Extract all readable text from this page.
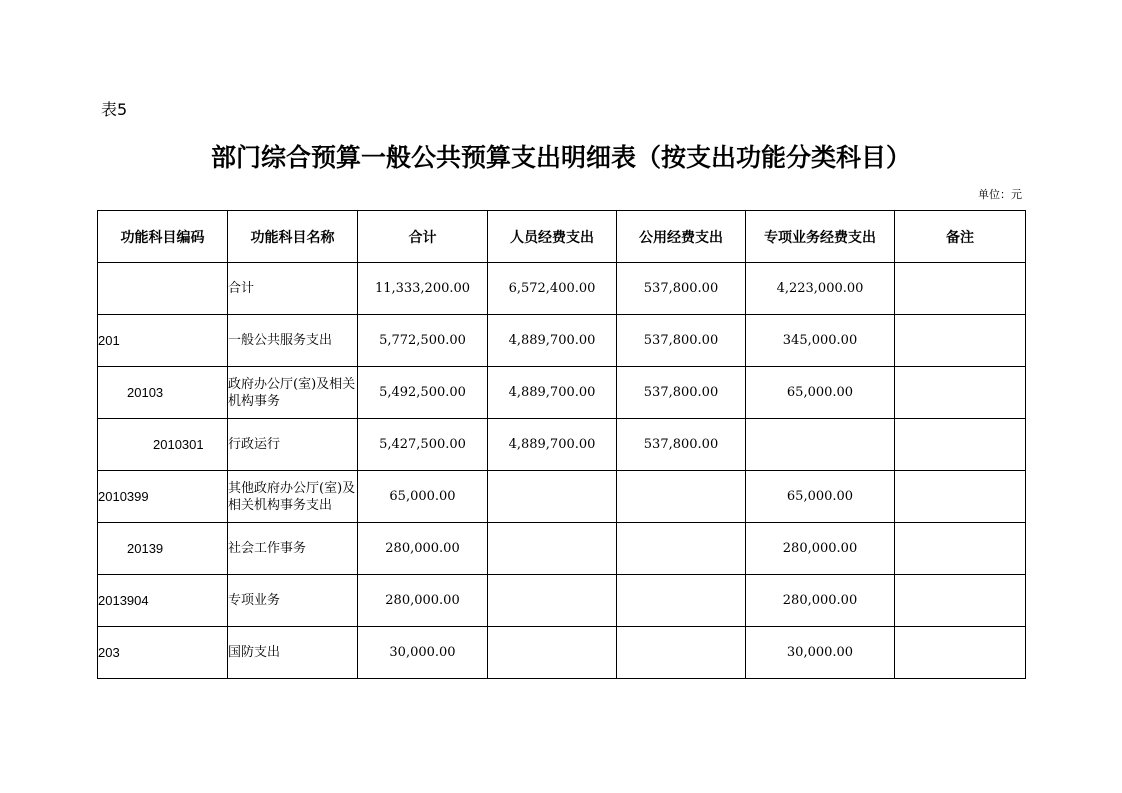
表5
部门综合预算一般公共预算支出明细表（按支出功能分类科目）
单位：元
功能科目编码	功能科目名称	合计	人员经费支出	公用经费支出	专项业务经费支出	备注
	合计	11,333,200.00	6,572,400.00	537,800.00	4,223,000.00	
201	一般公共服务支出	5,772,500.00	4,889,700.00	537,800.00	345,000.00	
20103	政府办公厅(室)及相关机构事务	5,492,500.00	4,889,700.00	537,800.00	65,000.00	
2010301	行政运行	5,427,500.00	4,889,700.00	537,800.00		
2010399	其他政府办公厅(室)及相关机构事务支出	65,000.00			65,000.00	
20139	社会工作事务	280,000.00			280,000.00	
2013904	专项业务	280,000.00			280,000.00	
203	国防支出	30,000.00			30,000.00	
